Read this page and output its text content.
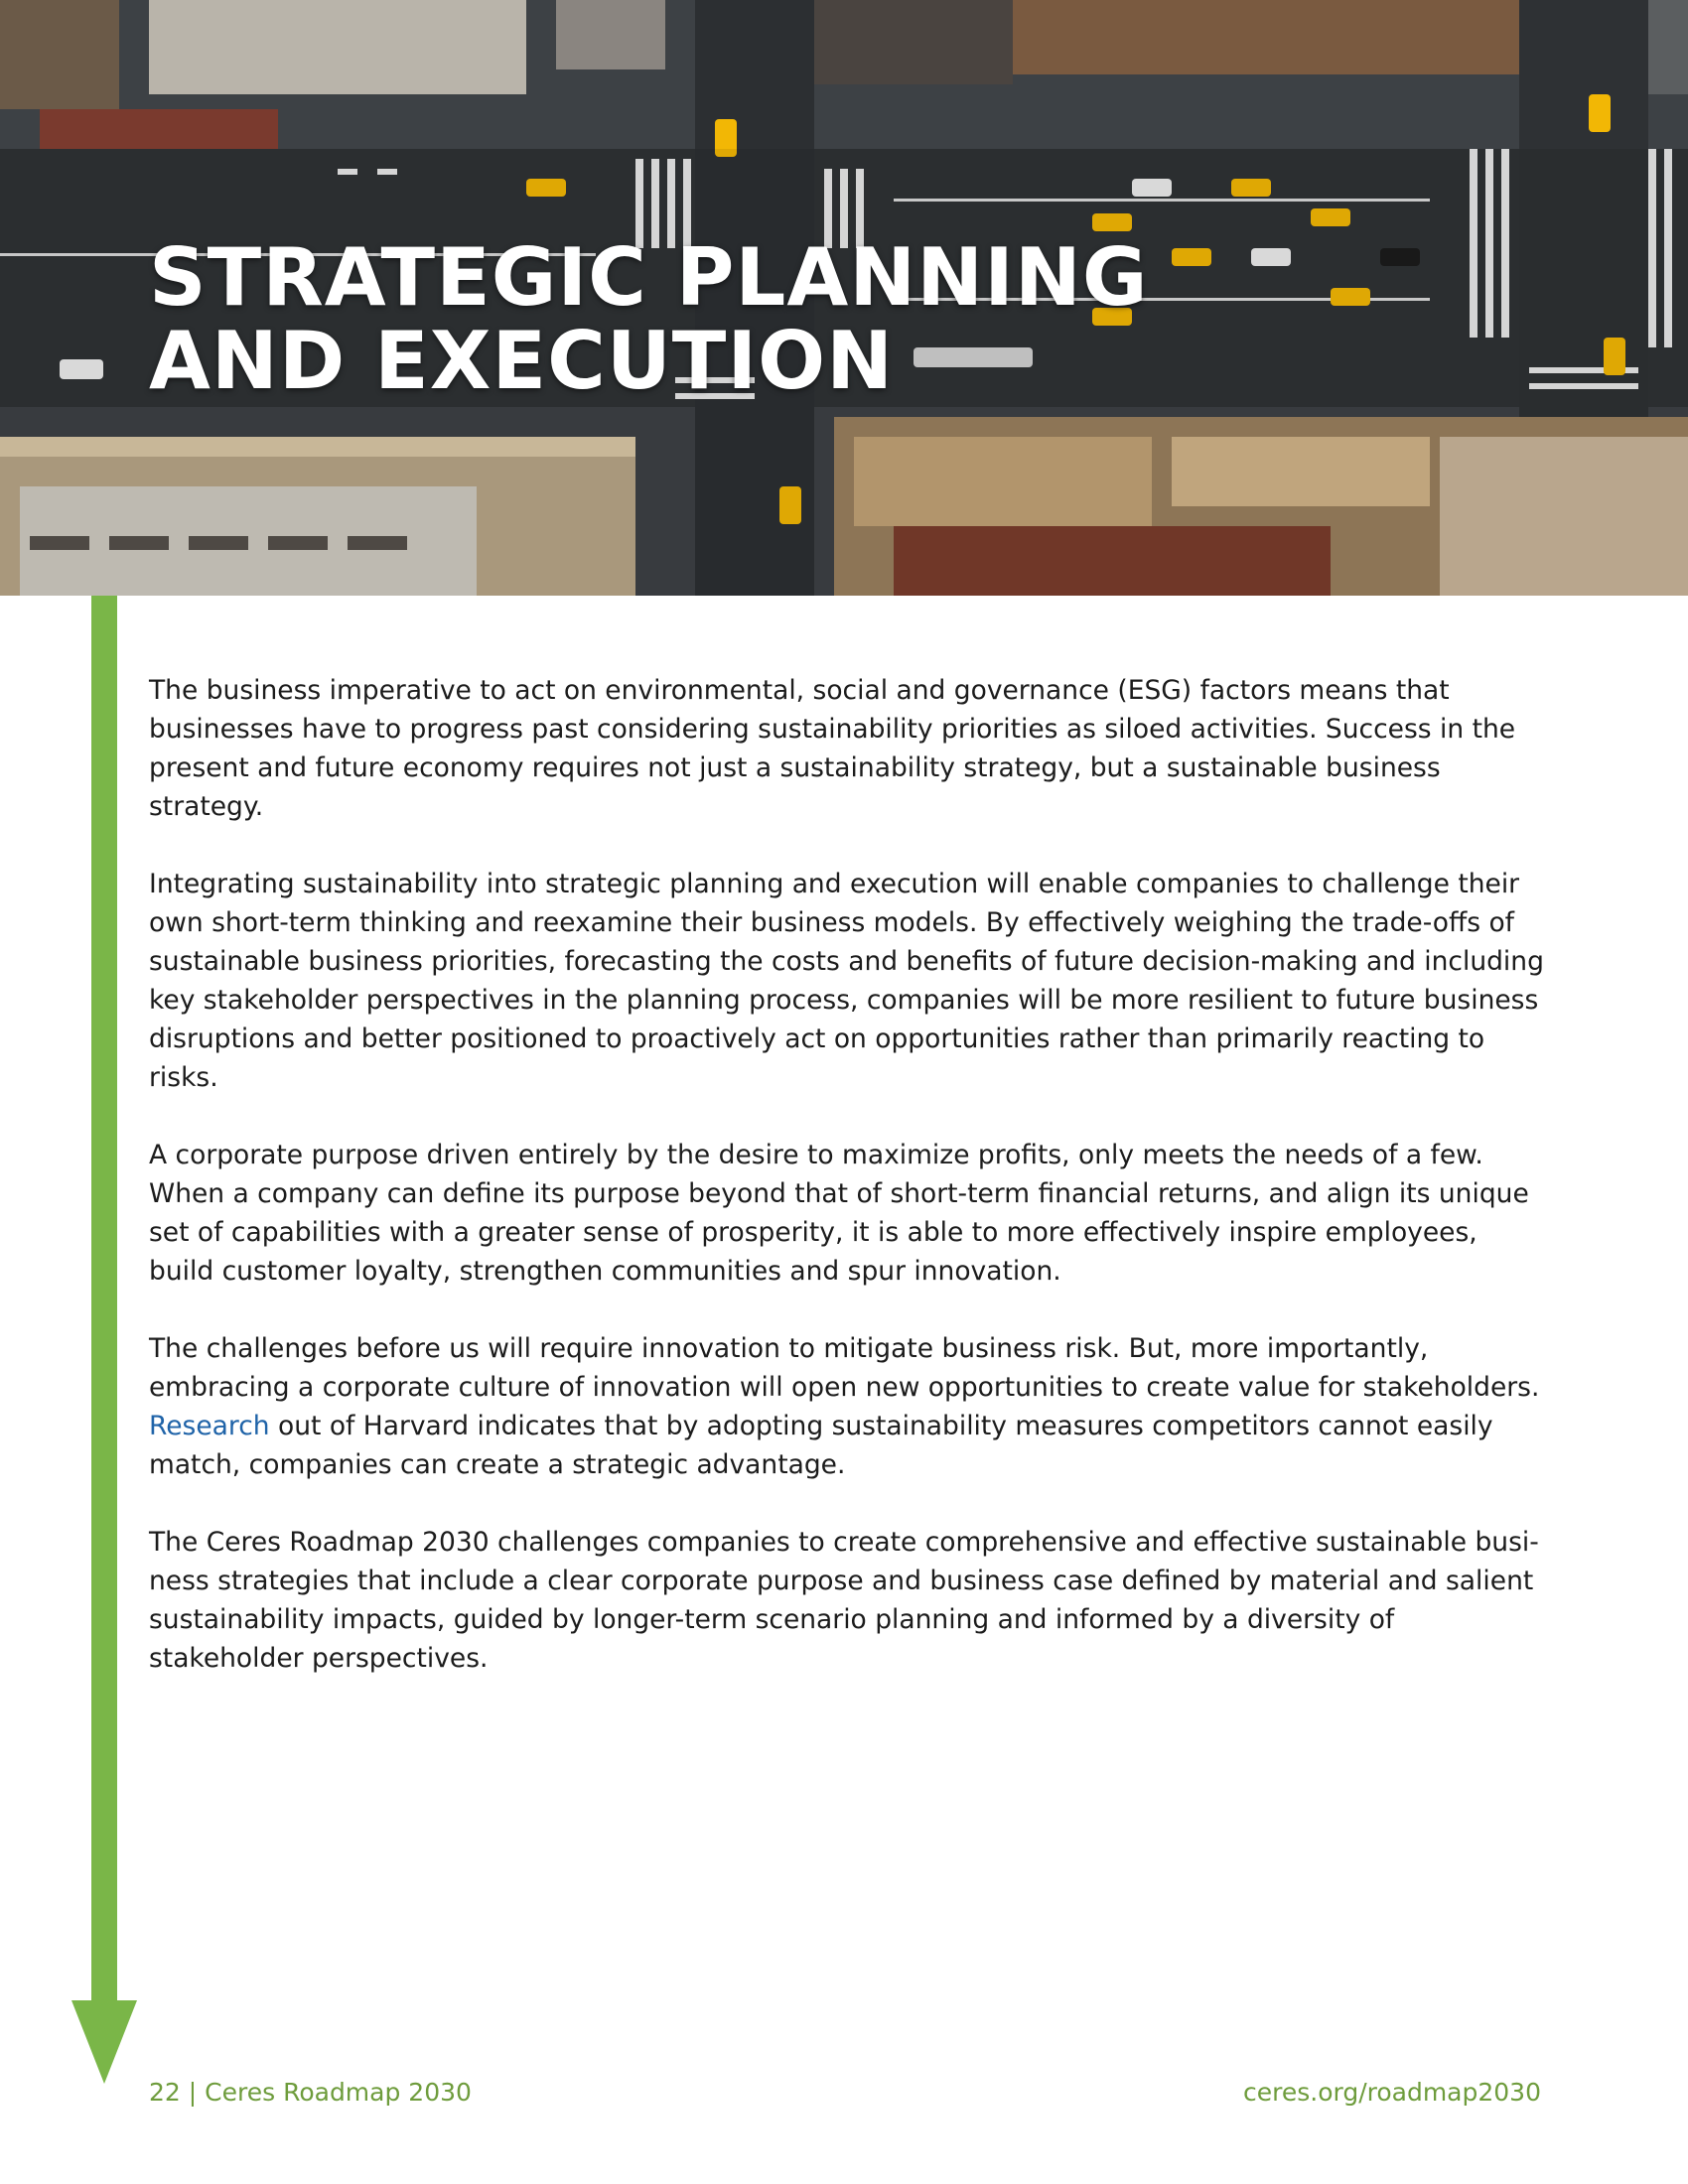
STRATEGIC PLANNING
AND EXECUTION

The business imperative to act on environmental, social and governance (ESG) factors means that businesses have to progress past considering sustainability priorities as siloed activities. Success in the present and future economy requires not just a sustainability strategy, but a sustainable business strategy.

Integrating sustainability into strategic planning and execution will enable companies to challenge their own short-term thinking and reexamine their business models. By effectively weighing the trade-offs of sustainable business priorities, forecasting the costs and benefits of future decision-making and including key stakeholder perspectives in the planning process, companies will be more resilient to future business disruptions and better positioned to proactively act on opportunities rather than primarily reacting to risks.

A corporate purpose driven entirely by the desire to maximize profits, only meets the needs of a few. When a company can define its purpose beyond that of short-term financial returns, and align its unique set of capabilities with a greater sense of prosperity, it is able to more effectively inspire employees, build customer loyalty, strengthen communities and spur innovation.

The challenges before us will require innovation to mitigate business risk. But, more importantly, embracing a corporate culture of innovation will open new opportunities to create value for stakeholders. Research out of Harvard indicates that by adopting sustainability measures competitors cannot easily match, companies can create a strategic advantage.

The Ceres Roadmap 2030 challenges companies to create comprehensive and effective sustainable business strategies that include a clear corporate purpose and business case defined by material and salient sustainability impacts, guided by longer-term scenario planning and informed by a diversity of stakeholder perspectives.

22 | Ceres Roadmap 2030	ceres.org/roadmap2030
